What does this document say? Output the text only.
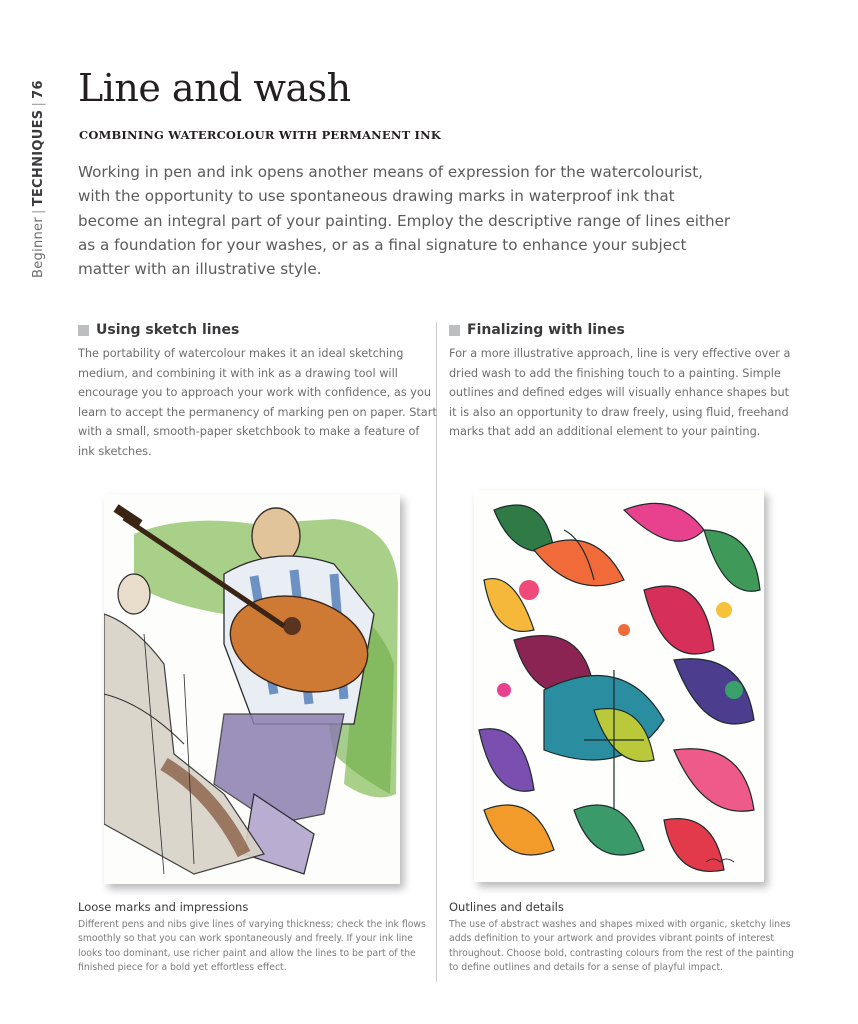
Beginner|TECHNIQUES|76 Line and wash

COMBINING WATERCOLOUR WITH PERMANENT INK

Working in pen and ink opens another means of expression for the watercolourist, with the opportunity to use spontaneous drawing marks in waterproof ink that become an integral part of your painting. Employ the descriptive range of lines either as a foundation for your washes, or as a final signature to enhance your subject matter with an illustrative style.

Using sketch lines

The portability of watercolour makes it an ideal sketching medium, and combining it with ink as a drawing tool will encourage you to approach your work with confidence, as you learn to accept the permanency of marking pen on paper. Start with a small, smooth-paper sketchbook to make a feature of ink sketches.

Loose marks and impressions

Different pens and nibs give lines of varying thickness; check the ink flows smoothly so that you can work spontaneously and freely. If your ink line looks too dominant, use richer paint and allow the lines to be part of the finished piece for a bold yet effortless effect.

Finalizing with lines

For a more illustrative approach, line is very effective over a dried wash to add the finishing touch to a painting. Simple outlines and defined edges will visually enhance shapes but it is also an opportunity to draw freely, using fluid, freehand marks that add an additional element to your painting.

Outlines and details

The use of abstract washes and shapes mixed with organic, sketchy lines adds definition to your artwork and provides vibrant points of interest throughout. Choose bold, contrasting colours from the rest of the painting to define outlines and details for a sense of playful impact.
